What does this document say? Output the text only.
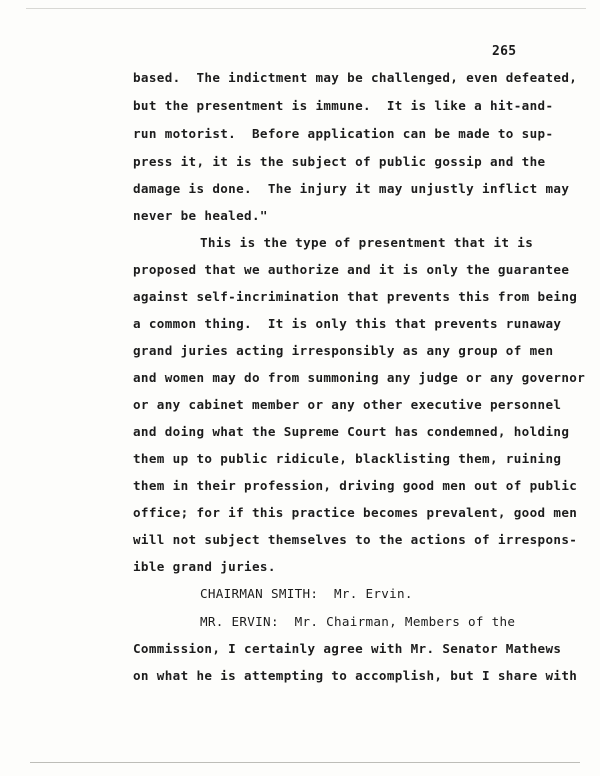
265
based.  The indictment may be challenged, even defeated,
but the presentment is immune.  It is like a hit-and-
run motorist.  Before application can be made to sup-
press it, it is the subject of public gossip and the
damage is done.  The injury it may unjustly inflict may
never be healed."
This is the type of presentment that it is
proposed that we authorize and it is only the guarantee
against self-incrimination that prevents this from being
a common thing.  It is only this that prevents runaway
grand juries acting irresponsibly as any group of men
and women may do from summoning any judge or any governor
or any cabinet member or any other executive personnel
and doing what the Supreme Court has condemned, holding
them up to public ridicule, blacklisting them, ruining
them in their profession, driving good men out of public
office; for if this practice becomes prevalent, good men
will not subject themselves to the actions of irrespons-
ible grand juries.
CHAIRMAN SMITH:  Mr. Ervin.
MR. ERVIN:  Mr. Chairman, Members of the
Commission, I certainly agree with Mr. Senator Mathews
on what he is attempting to accomplish, but I share with
